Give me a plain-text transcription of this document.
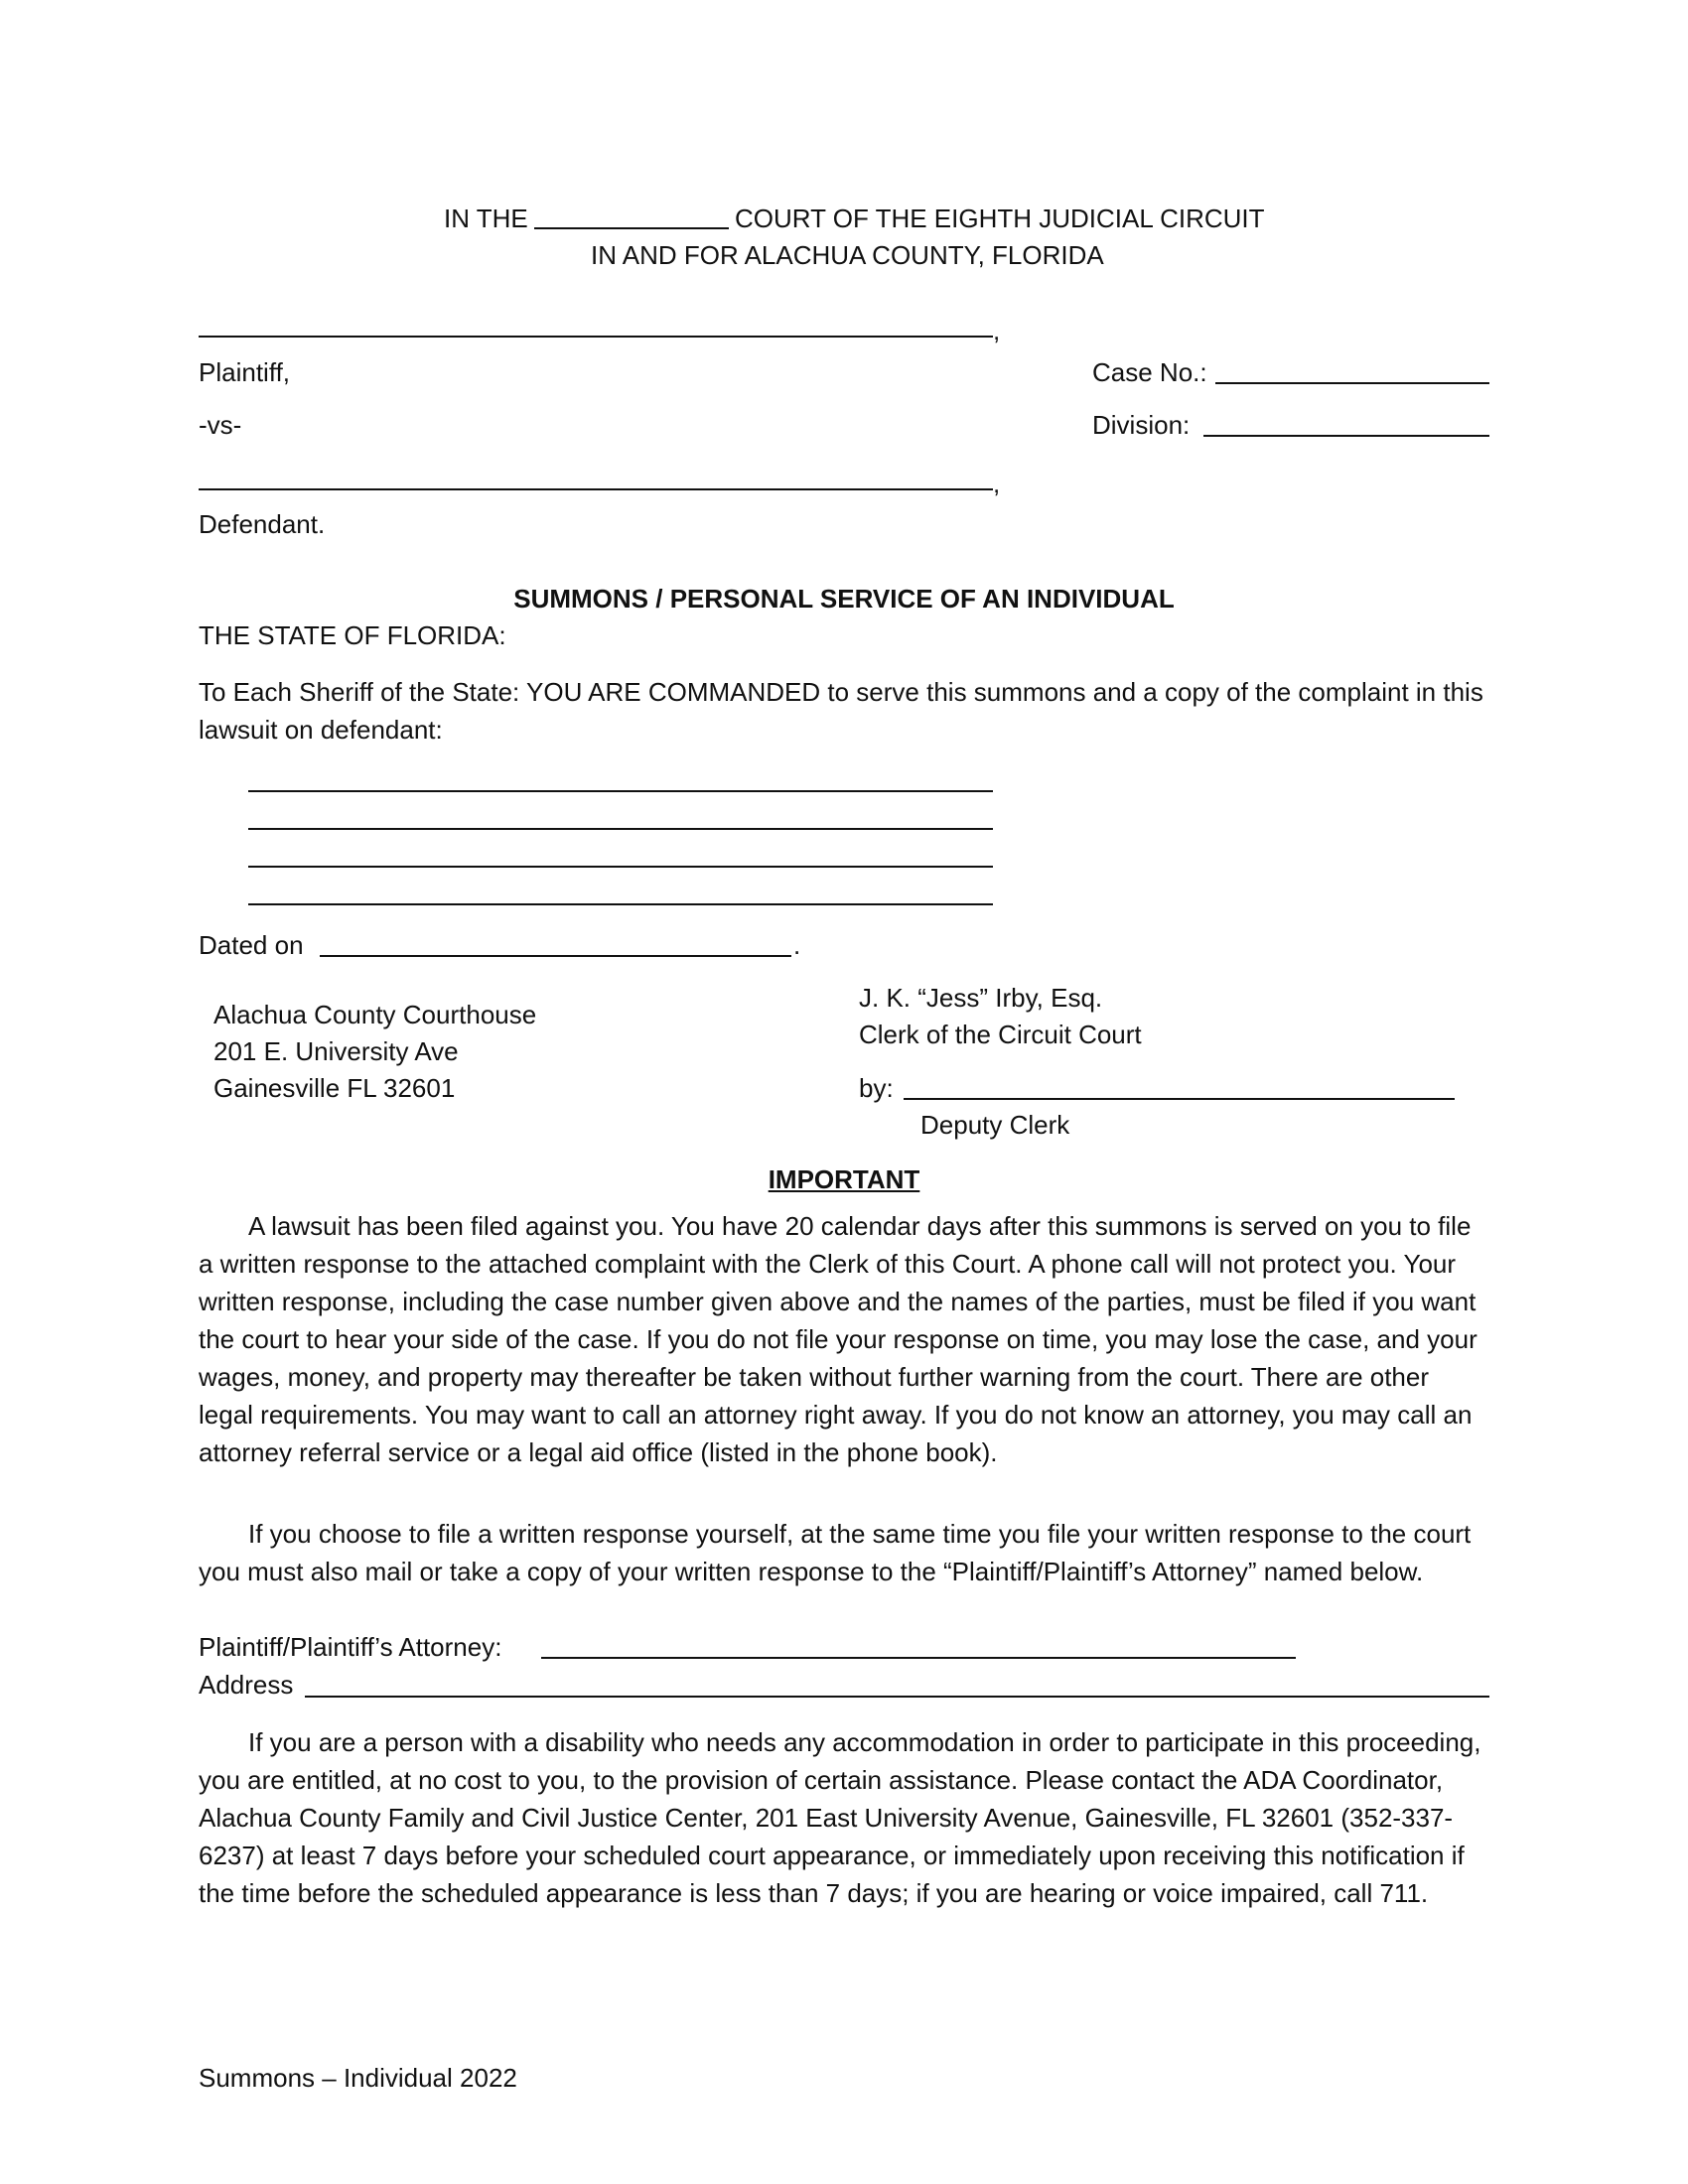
IN THE	COURT OF THE EIGHTH JUDICIAL CIRCUIT
IN AND FOR ALACHUA COUNTY, FLORIDA
,
Plaintiff,	Case No.:
-vs-	Division:
,
Defendant.
SUMMONS / PERSONAL SERVICE OF AN INDIVIDUAL
THE STATE OF FLORIDA:
To Each Sheriff of the State: YOU ARE COMMANDED to serve this summons and a copy of the complaint in this lawsuit on defendant:
Dated on	.
Alachua County Courthouse
201 E. University Ave
Gainesville FL 32601
J. K. “Jess” Irby, Esq.
Clerk of the Circuit Court
by:
Deputy Clerk
IMPORTANT
A lawsuit has been filed against you. You have 20 calendar days after this summons is served on you to file a written response to the attached complaint with the Clerk of this Court. A phone call will not protect you. Your written response, including the case number given above and the names of the parties, must be filed if you want the court to hear your side of the case. If you do not file your response on time, you may lose the case, and your wages, money, and property may thereafter be taken without further warning from the court. There are other legal requirements. You may want to call an attorney right away. If you do not know an attorney, you may call an attorney referral service or a legal aid office (listed in the phone book).
If you choose to file a written response yourself, at the same time you file your written response to the court you must also mail or take a copy of your written response to the “Plaintiff/Plaintiff’s Attorney” named below.
Plaintiff/Plaintiff’s Attorney:
Address
If you are a person with a disability who needs any accommodation in order to participate in this proceeding, you are entitled, at no cost to you, to the provision of certain assistance. Please contact the ADA Coordinator, Alachua County Family and Civil Justice Center, 201 East University Avenue, Gainesville, FL 32601 (352-337-6237) at least 7 days before your scheduled court appearance, or immediately upon receiving this notification if the time before the scheduled appearance is less than 7 days; if you are hearing or voice impaired, call 711.
Summons – Individual 2022
